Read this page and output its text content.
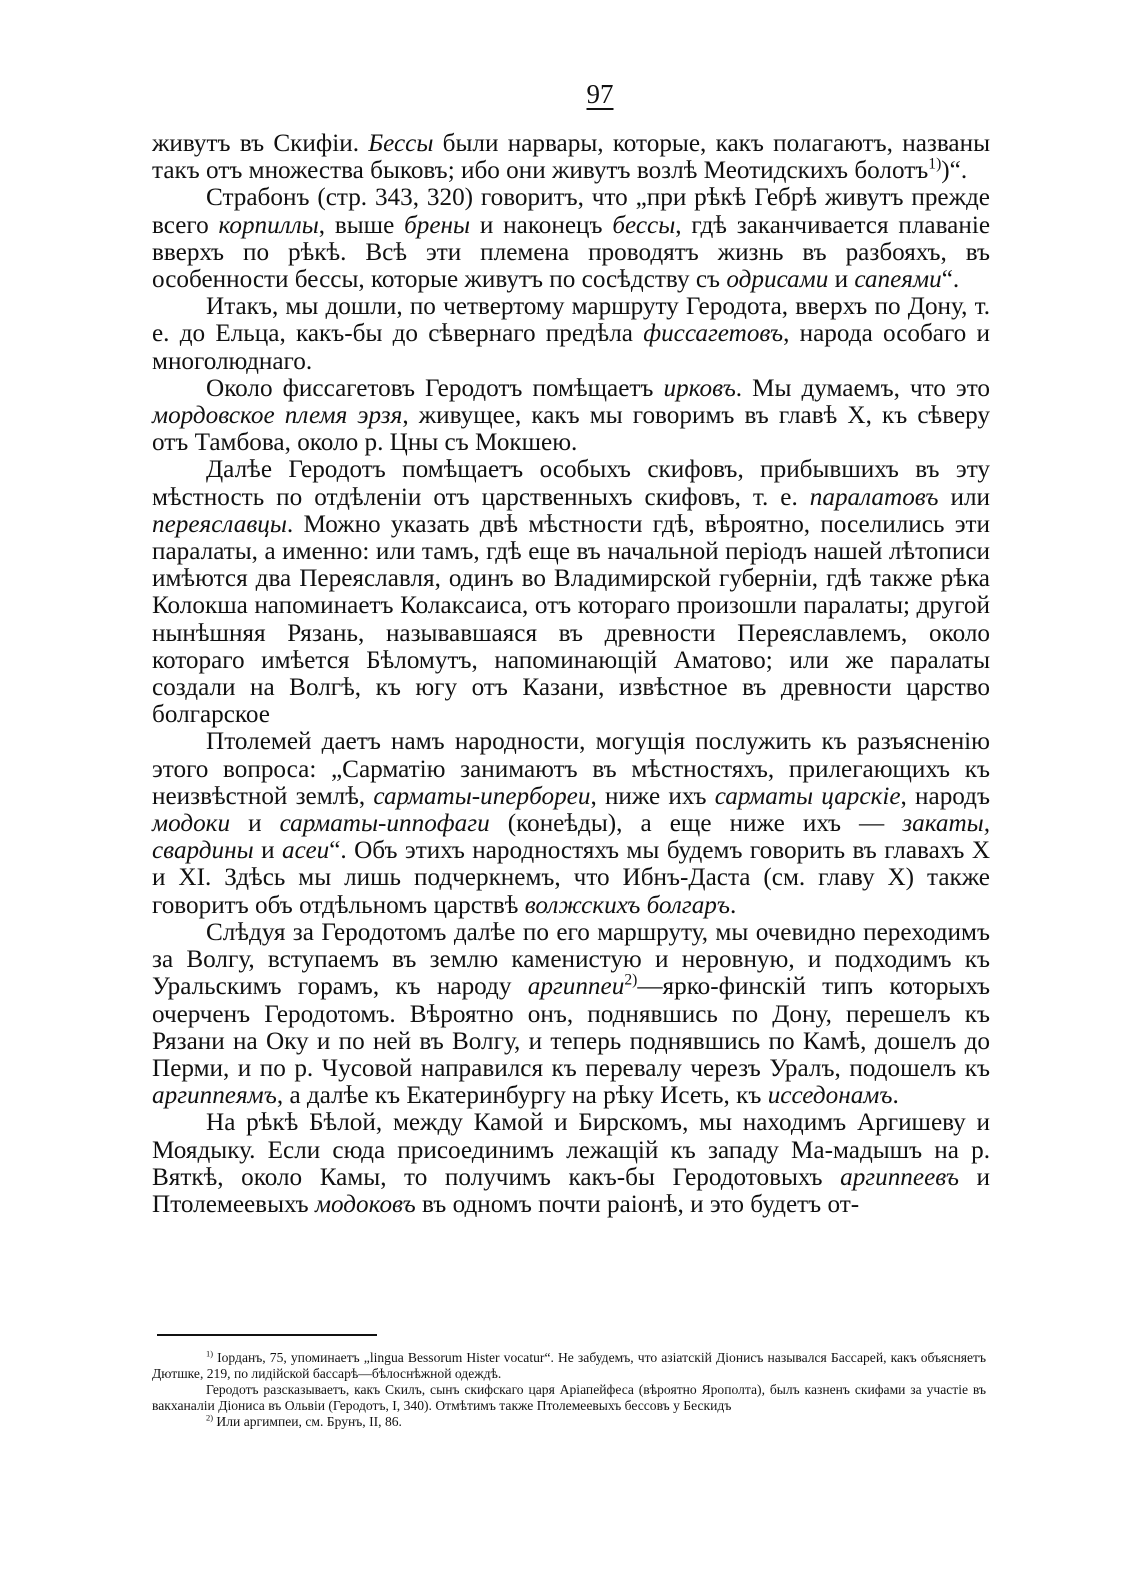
97

живутъ въ Скифіи. Бессы были нарвары, которые, какъ полагаютъ, названы такъ отъ множества быковъ; ибо они живутъ возлѣ Меотидскихъ болотъ$^{1)}$)“.

Страбонъ (стр. 343, 320) говоритъ, что „при рѣкѣ Гебрѣ живутъ прежде всего корпиллы, выше брены и наконецъ бессы, гдѣ заканчивается плаваніе вверхъ по рѣкѣ. Всѣ эти племена проводятъ жизнь въ разбояхъ, въ особенности бессы, которые живутъ по сосѣдству съ одрисами и сапеями“.

Итакъ, мы дошли, по четвертому маршруту Геродота, вверхъ по Дону, т. е. до Ельца, какъ-бы до сѣвернаго предѣла фиссагетовъ, народа особаго и многолюднаго.

Около фиссагетовъ Геродотъ помѣщаетъ ирковъ. Мы думаемъ, что это мордовское племя эрзя, живущее, какъ мы говоримъ въ главѣ X, къ сѣверу отъ Тамбова, около р. Цны съ Мокшею.

Далѣе Геродотъ помѣщаетъ особыхъ скифовъ, прибывшихъ въ эту мѣстность по отдѣленіи отъ царственныхъ скифовъ, т. е. паралатовъ или переяславцы. Можно указать двѣ мѣстности гдѣ, вѣроятно, поселились эти паралаты, а именно: или тамъ, гдѣ еще въ начальной періодъ нашей лѣтописи имѣются два Переяславля, одинъ во Владимирской губерніи, гдѣ также рѣка Колокша напоминаетъ Колаксаиса, отъ котораго произошли паралаты; другой нынѣшняя Рязань, называвшаяся въ древности Переяславлемъ, около котораго имѣется Бѣломутъ, напоминающій Аматово; или же паралаты создали на Волгѣ, къ югу отъ Казани, извѣстное въ древности царство болгарское

Птолемей даетъ намъ народности, могущія послужить къ разъясненію этого вопроса: „Сарматію занимаютъ въ мѣстностяхъ, прилегающихъ къ неизвѣстной землѣ, сарматы-ипербореи, ниже ихъ сарматы царскіе, народъ модоки и сарматы-иппофаги (конеѣды), а еще ниже ихъ — закаты, свардины и асеи“. Объ этихъ народностяхъ мы будемъ говорить въ главахъ X и XI. Здѣсь мы лишь подчеркнемъ, что Ибнъ-Даста (см. главу X) также говоритъ объ отдѣльномъ царствѣ волжскихъ болгаръ.

Слѣдуя за Геродотомъ далѣе по его маршруту, мы очевидно переходимъ за Волгу, вступаемъ въ землю каменистую и неровную, и подходимъ къ Уральскимъ горамъ, къ народу аргиппеи$^{2)}$—ярко-финскій типъ которыхъ очерченъ Геродотомъ. Вѣроятно онъ, поднявшись по Дону, перешелъ къ Рязани на Оку и по ней въ Волгу, и теперь поднявшись по Камѣ, дошелъ до Перми, и по р. Чусовой направился къ перевалу черезъ Уралъ, подошелъ къ аргиппеямъ, а далѣе къ Екатеринбургу на рѣку Исеть, къ исседонамъ.

На рѣкѣ Бѣлой, между Камой и Бирскомъ, мы находимъ Аргишеву и Моядыку. Если сюда присоединимъ лежащій къ западу Ма-мадышъ на р. Вяткѣ, около Камы, то получимъ какъ-бы Геродотовыхъ аргиппеевъ и Птолемеевыхъ модоковъ въ одномъ почти раіонѣ, и это будетъ от-

$^{1)}$ Іорданъ, 75, упоминаетъ „lingua Bessorum Hister vocatur“. Не забудемъ, что азіатскій Діонисъ назывался Бассарей, какъ объясняетъ Дютшке, 219, по лидійской бассарѣ—бѣлоснѣжной одеждѣ.

Геродотъ разсказываетъ, какъ Скилъ, сынъ скифскаго царя Аріапейфеса (вѣроятно Ярополта), былъ казненъ скифами за участіе въ вакханаліи Діониса въ Ольвіи (Геродотъ, I, 340). Отмѣтимъ также Птолемеевыхъ бессовъ у Бескидъ

$^{2)}$ Или аргимпеи, см. Брунъ, II, 86.
